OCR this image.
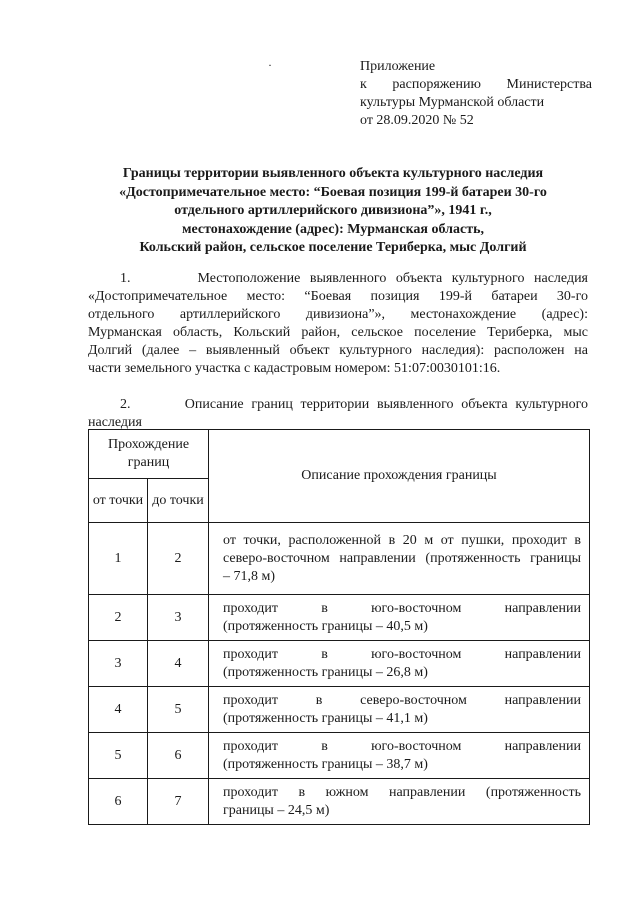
·	Приложение
к распоряжению Министерства
культуры Мурманской области
от 28.09.2020 № 52
Границы территории выявленного объекта культурного наследия
«Достопримечательное место: “Боевая позиция 199-й батареи 30-го
отдельного артиллерийского дивизиона”», 1941 г.,
местонахождение (адрес): Мурманская область,
Кольский район, сельское поселение Териберка, мыс Долгий
1.	Местоположение выявленного объекта культурного наследия
«Достопримечательное место: “Боевая позиция 199-й батареи 30-го
отдельного артиллерийского дивизиона”», местонахождение (адрес):
Мурманская область, Кольский район, сельское поселение Териберка, мыс
Долгий (далее – выявленный объект культурного наследия): расположен на
части земельного участка с кадастровым номером: 51:07:0030101:16.
2.	Описание границ территории выявленного объекта культурного
наследия
Прохождение границ		Описание прохождения границы
от точки	до точки	
1	2	от точки, расположенной в 20 м от пушки, проходит в
северо-восточном направлении (протяженность границы
– 71,8 м)

2	3	проходит в юго-восточном направлении
(протяженность границы – 40,5 м)

3	4	проходит в юго-восточном направлении
(протяженность границы – 26,8 м)

4	5	проходит в северо-восточном направлении
(протяженность границы – 41,1 м)

5	6	проходит в юго-восточном направлении
(протяженность границы – 38,7 м)

6	7	проходит в южном направлении (протяженность
границы – 24,5 м)
